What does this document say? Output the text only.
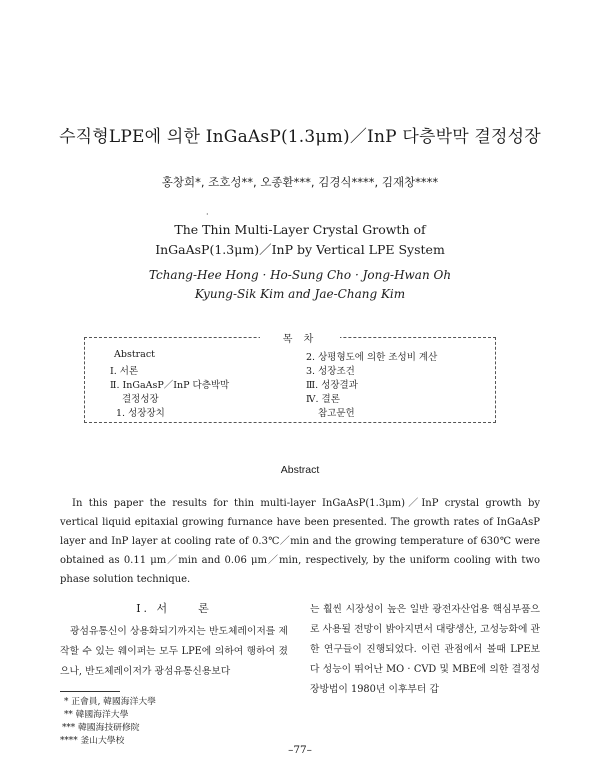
수직형LPE에 의한 InGaAsP(1.3μm)／InP 다층박막 결정성장
홍창희*, 조호성**, 오종환***, 김경식****, 김재창****
·
The Thin Multi-Layer Crystal Growth of
InGaAsP(1.3μm)／InP by Vertical LPE System
Tchang-Hee Hong · Ho-Sung Cho · Jong-Hwan Oh
Kyung-Sik Kim and Jae-Chang Kim
목 차
Abstract
Ⅰ. 서론
Ⅱ. InGaAsP／InP 다층박막
결정성장
1. 성장장치
2. 상평형도에 의한 조성비 계산
3. 성장조건
Ⅲ. 성장결과
Ⅳ. 결론
참고문헌
Abstract

In this paper the results for thin multi-layer InGaAsP(1.3μm)／InP crystal growth by vertical liquid epitaxial growing furnance have been presented. The growth rates of InGaAsP layer and InP layer at cooling rate of 0.3℃／min and the growing temperature of 630℃ were obtained as 0.11 μm／min and 0.06 μm／min, respectively, by the uniform cooling with two phase solution technique.

Ⅰ. 서　　론

광섬유통신이 상용화되기까지는 반도체레이저를 제작할 수 있는 웨이퍼는 모두 LPE에 의하여 행하여 졌으나, 반도체레이저가 광섬유통신용보다

는 훨씬 시장성이 높은 일반 광전자산업용 핵심부품으로 사용될 전망이 밝아지면서 대량생산, 고성능화에 관한 연구들이 진행되었다. 이런 관점에서 볼때 LPE보다 성능이 뛰어난 MO · CVD 및 MBE에 의한 결정성장방법이 1980년 이후부터 갑

* 正會員, 韓國海洋大學
** 韓國海洋大學
*** 韓國海技研修院
**** 釜山大學校
–77–
